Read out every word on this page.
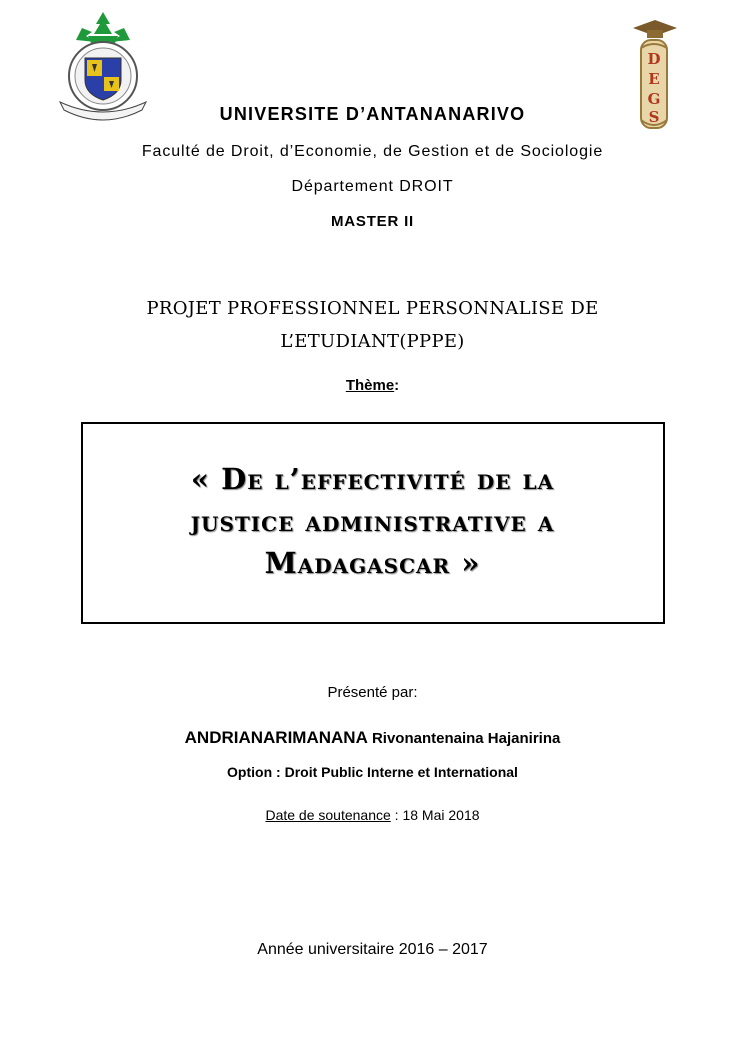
D
E
G
S
UNIVERSITE D’ANTANANARIVO
Faculté de Droit, d’Economie, de Gestion et de Sociologie
Département DROIT
MASTER II
PROJET PROFESSIONNEL PERSONNALISE DE
L’ETUDIANT(PPPE)
Thème:
« De l’effectivité de la
justice administrative a
Madagascar »
Présenté par:
ANDRIANARIMANANA Rivonantenaina Hajanirina
Option : Droit Public Interne et International
Date de soutenance : 18 Mai 2018
Année universitaire 2016 – 2017
